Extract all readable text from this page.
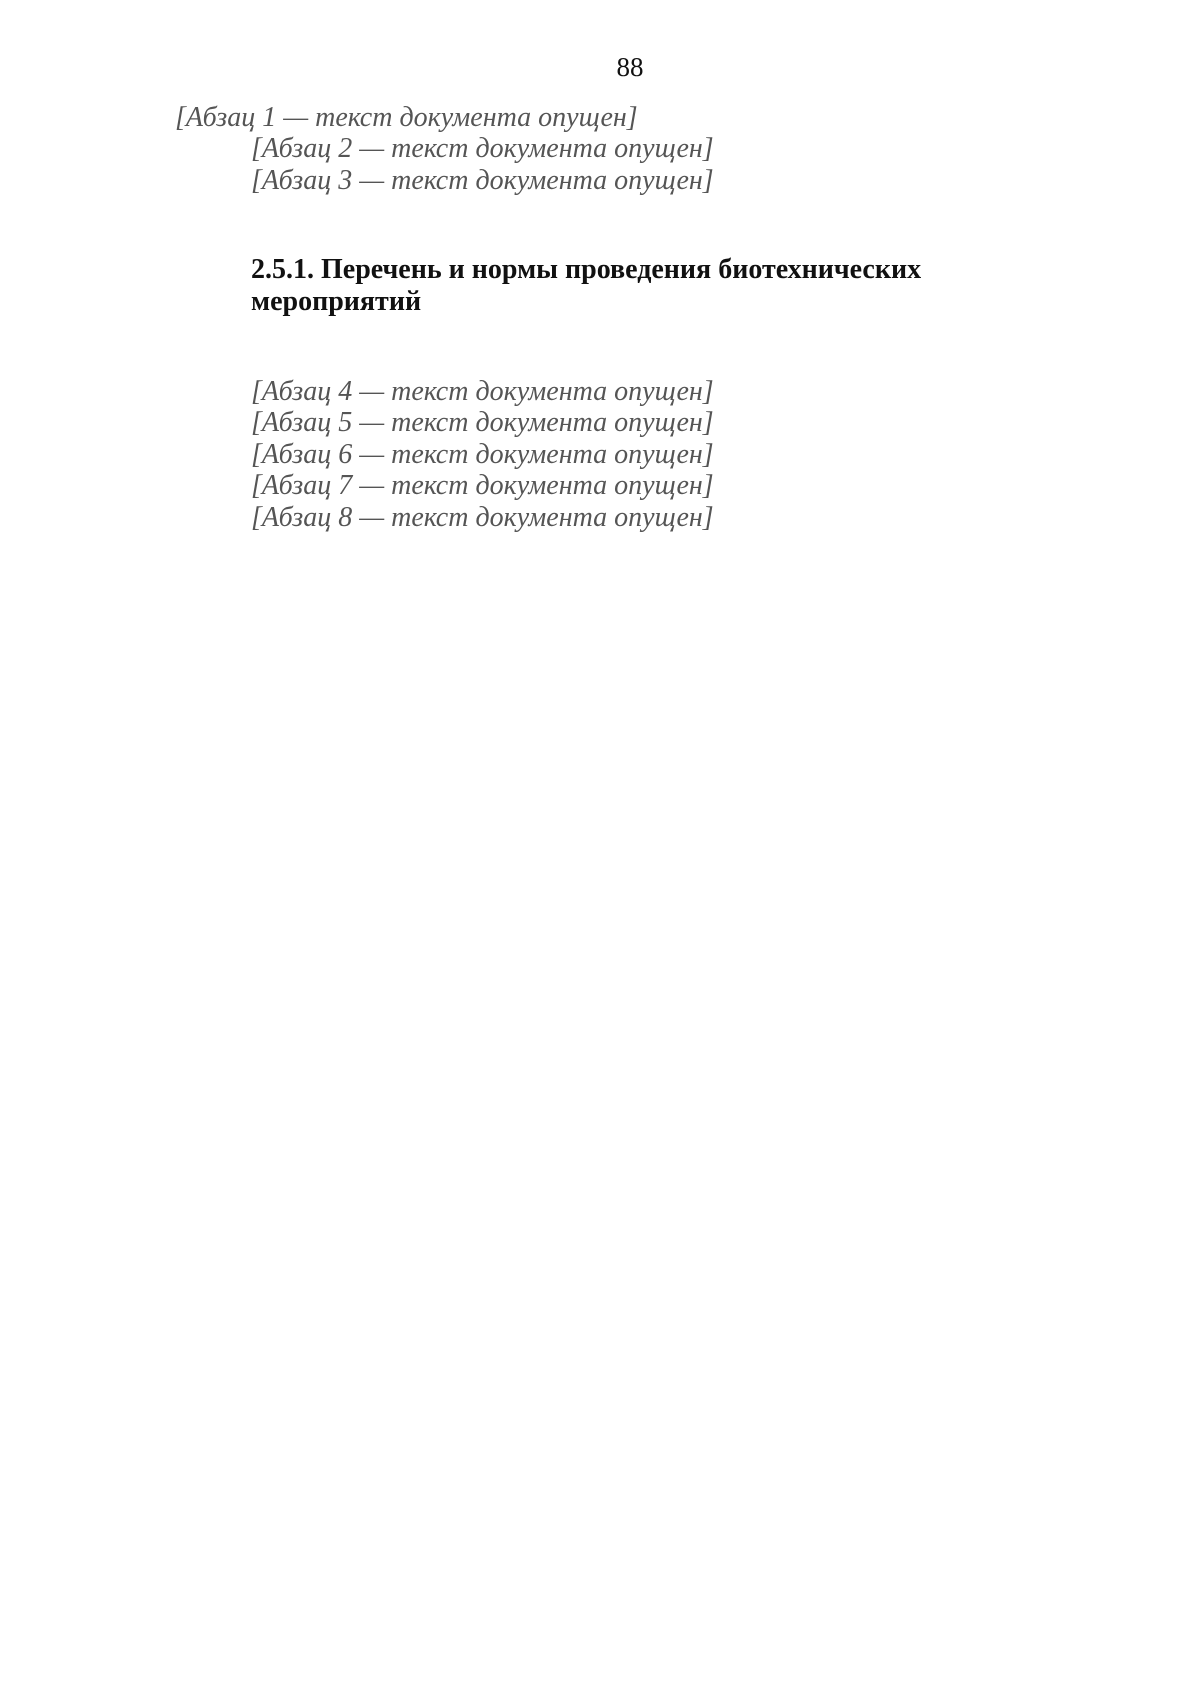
88

[Абзац 1 — текст документа опущен]

[Абзац 2 — текст документа опущен]

[Абзац 3 — текст документа опущен]

2.5.1. Перечень и нормы проведения биотехнических мероприятий

[Абзац 4 — текст документа опущен]

[Абзац 5 — текст документа опущен]

[Абзац 6 — текст документа опущен]

[Абзац 7 — текст документа опущен]

[Абзац 8 — текст документа опущен]
